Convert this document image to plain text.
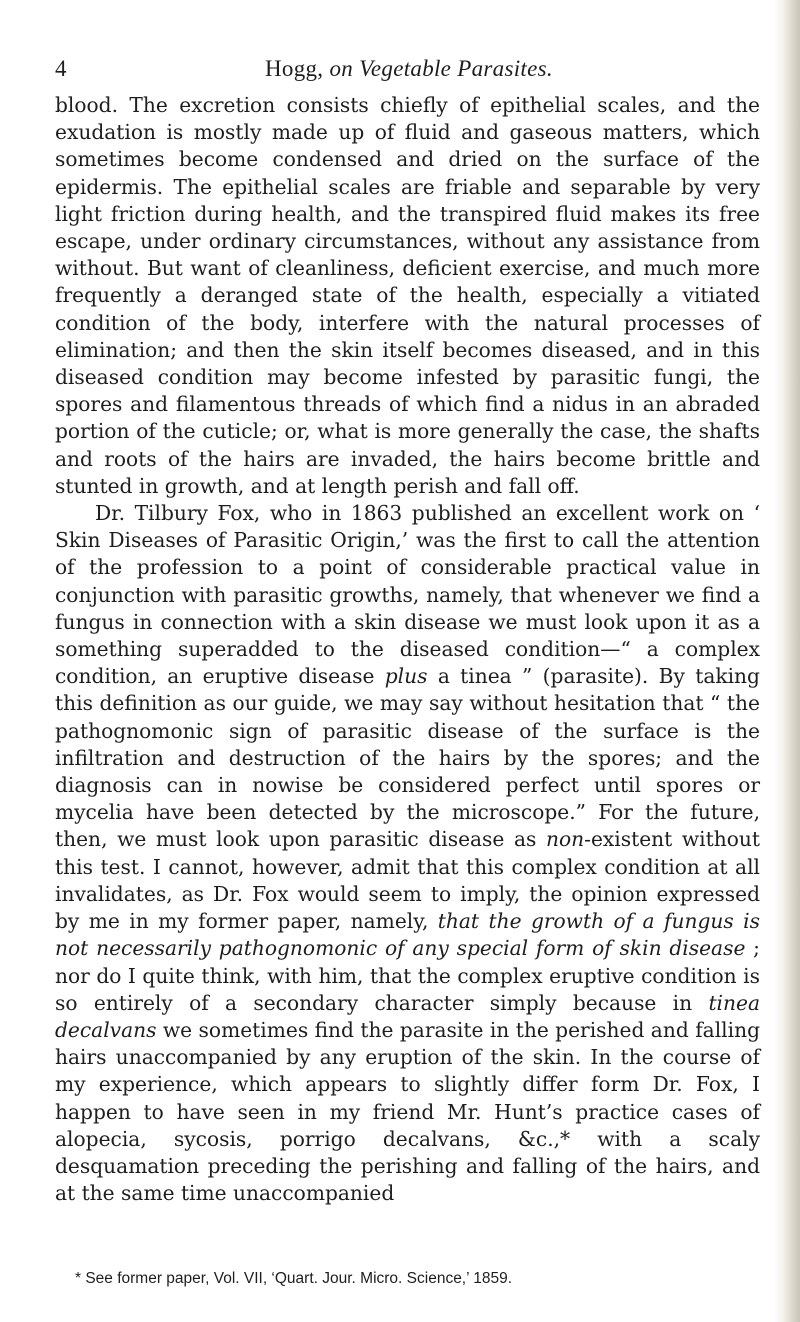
4	Hogg, on Vegetable Parasites.

blood. The excretion consists chiefly of epithelial scales, and the exudation is mostly made up of fluid and gaseous matters, which sometimes become condensed and dried on the surface of the epidermis. The epithelial scales are friable and separable by very light friction during health, and the transpired fluid makes its free escape, under ordinary circumstances, without any assistance from without. But want of cleanliness, deficient exercise, and much more frequently a deranged state of the health, especially a vitiated condition of the body, interfere with the natural processes of elimination; and then the skin itself becomes diseased, and in this diseased condition may become infested by parasitic fungi, the spores and filamentous threads of which find a nidus in an abraded portion of the cuticle; or, what is more generally the case, the shafts and roots of the hairs are invaded, the hairs become brittle and stunted in growth, and at length perish and fall off.

Dr. Tilbury Fox, who in 1863 published an excellent work on ‘ Skin Diseases of Parasitic Origin,’ was the first to call the attention of the profession to a point of considerable practical value in conjunction with parasitic growths, namely, that whenever we find a fungus in connection with a skin disease we must look upon it as a something superadded to the diseased condition—“ a complex condition, an eruptive disease plus a tinea ” (parasite). By taking this definition as our guide, we may say without hesitation that “ the pathognomonic sign of parasitic disease of the surface is the infiltration and destruction of the hairs by the spores; and the diagnosis can in nowise be considered perfect until spores or mycelia have been detected by the microscope.” For the future, then, we must look upon parasitic disease as non-existent without this test. I cannot, however, admit that this complex condition at all invalidates, as Dr. Fox would seem to imply, the opinion expressed by me in my former paper, namely, that the growth of a fungus is not necessarily pathognomonic of any special form of skin disease ; nor do I quite think, with him, that the complex eruptive condition is so entirely of a secondary character simply because in tinea decalvans we sometimes find the parasite in the perished and falling hairs unaccompanied by any eruption of the skin. In the course of my experience, which appears to slightly differ form Dr. Fox, I happen to have seen in my friend Mr. Hunt’s practice cases of alopecia, sycosis, porrigo decalvans, &c.,* with a scaly desquamation preceding the perishing and falling of the hairs, and at the same time unaccompanied

* See former paper, Vol. VII, ‘Quart. Jour. Micro. Science,’ 1859.
